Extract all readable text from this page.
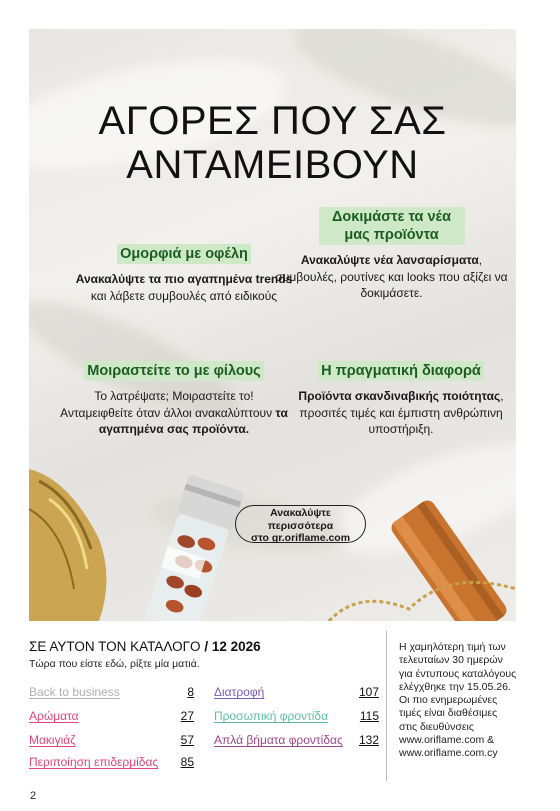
ΑΓΟΡΕΣ ΠΟΥ ΣΑΣ
ΑΝΤΑΜΕΙΒΟΥΝ
Ομορφιά με οφέλη
Ανακαλύψτε τα πιο αγαπημένα trends και λάβετε συμβουλές από ειδικούς
Δοκιμάστε τα νέα μας προϊόντα
Ανακαλύψτε νέα λανσαρίσματα, συμβουλές, ρουτίνες και looks που αξίζει να δοκιμάσετε.
Μοιραστείτε το με φίλους
Το λατρέψατε; Μοιραστείτε το! Ανταμειφθείτε όταν άλλοι ανακαλύπτουν τα αγαπημένα σας προϊόντα.
Η πραγματική διαφορά
Προϊόντα σκανδιναβικής ποιότητας, προσιτές τιμές και έμπιστη ανθρώπινη υποστήριξη.
Ανακαλύψτε
περισσότερα
στο gr.oriflame.com
ΣΕ ΑΥΤΟΝ ΤΟΝ ΚΑΤΑΛΟΓΟ / 12 2026
Τώρα που είστε εδώ, ρίξτε μία ματιά.
Back to business	8
Αρώματα	27
Μακιγιάζ	57
Περιποίηση επιδερμίδας 85
Διατροφή	107
Προσωπική φροντίδα	115
Απλά βήματα φροντίδας 132
Η χαμηλότερη τιμή των τελευταίων 30 ημερών για έντυπους καταλόγους ελέγχθηκε την 15.05.26. Οι πιο ενημερωμένες τιμές είναι διαθέσιμες στις διευθύνσεις www.oriflame.com & www.oriflame.com.cy
2
